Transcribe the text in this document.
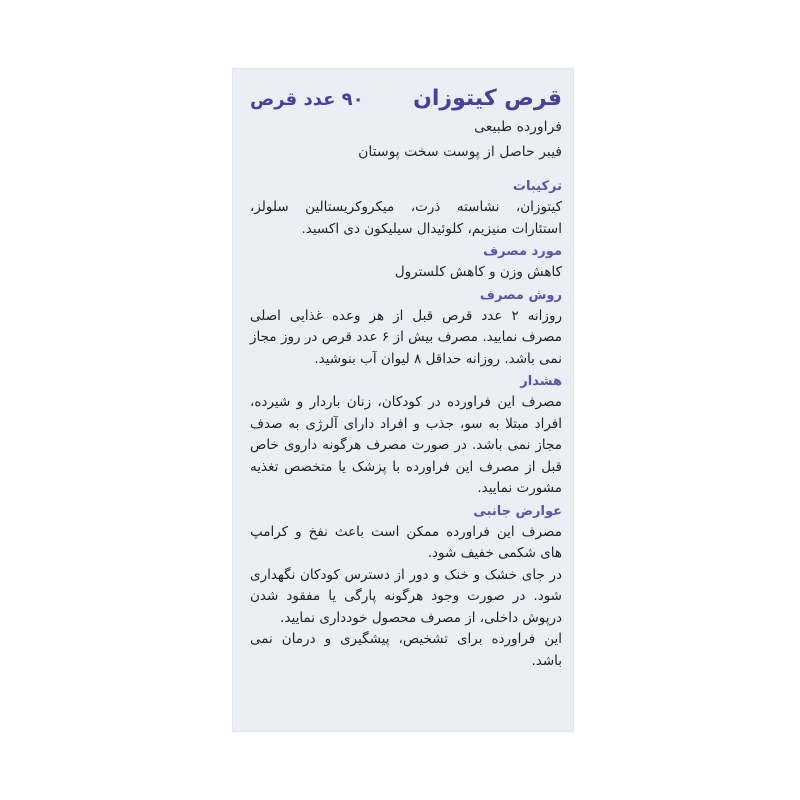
قرص کیتوزان
۹۰ عدد قرص
فراورده طبیعی
فیبر حاصل از پوست سخت پوستان
ترکیبات
کیتوزان، نشاسته ذرت، میکروکریستالین سلولز، استئارات منیزیم، کلوئیدال سیلیکون دی اکسید.
مورد مصرف
کاهش وزن و کاهش کلسترول
روش مصرف
روزانه ۲ عدد قرص قبل از هر وعده غذایی اصلی مصرف نمایید. مصرف بیش از ۶ عدد قرص در روز مجاز نمی باشد. روزانه حداقل ۸ لیوان آب بنوشید.
هشدار
مصرف این فراورده در کودکان، زنان باردار و شیرده، افراد مبتلا به سو، جذب و افراد دارای آلرژی به صدف مجاز نمی باشد. در صورت مصرف هرگونه داروی خاص قبل از مصرف این فراورده با پزشک یا متخصص تغذیه مشورت نمایید.
عوارض جانبی
مصرف این فراورده ممکن است باعث نفخ و کرامپ های شکمی خفیف شود.
در جای خشک و خنک و دور از دسترس کودکان نگهداری شود. در صورت وجود هرگونه پارگی یا مفقود شدن درپوش داخلی، از مصرف محصول خودداری نمایید.
این فراورده برای تشخیص، پیشگیری و درمان نمی باشد.
